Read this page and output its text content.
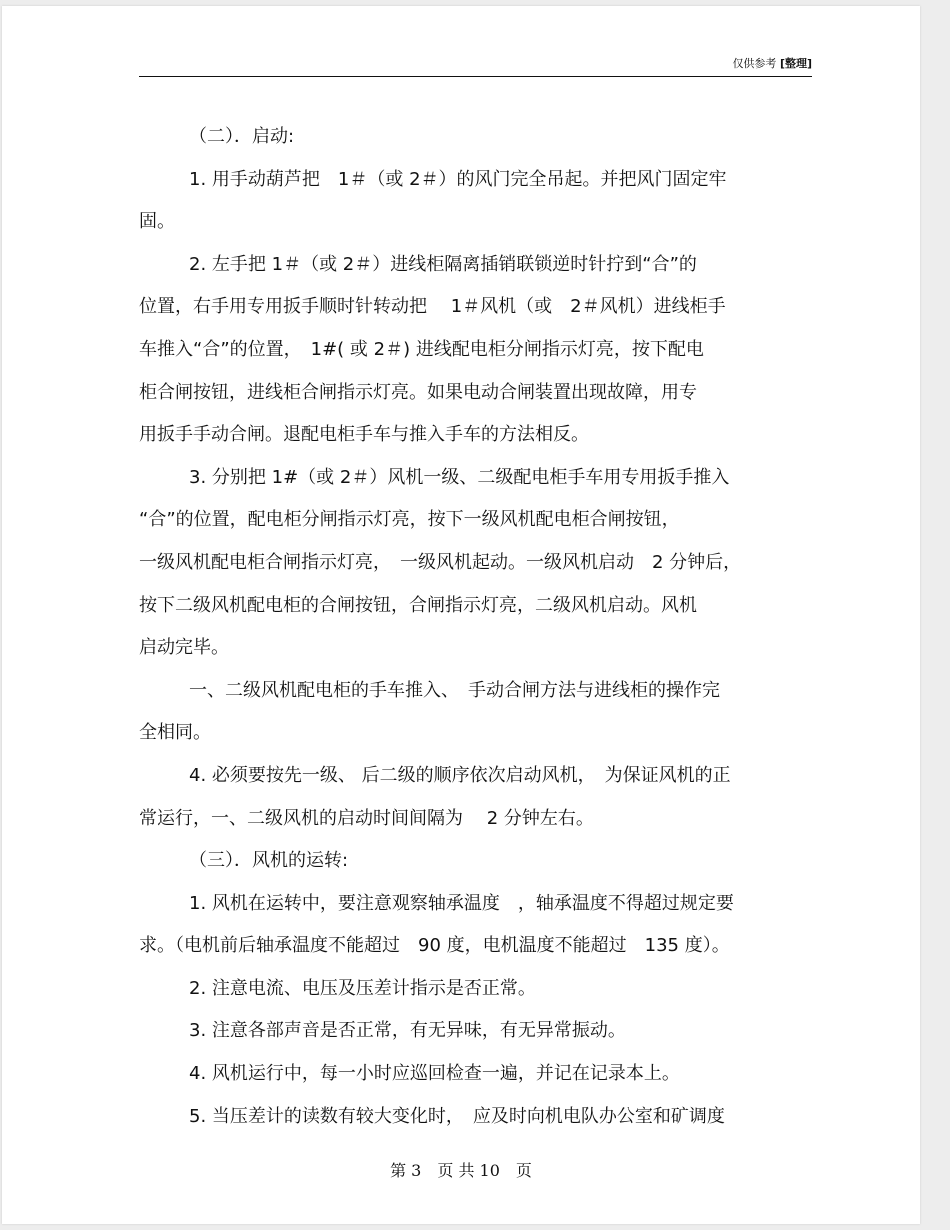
仅供参考 [整理]
（二）．启动:
1. 用手动葫芦把　1＃（或 2＃）的风门完全吊起。并把风门固定牢
固。
2. 左手把 1＃（或 2＃）进线柜隔离插销联锁逆时针拧到“合”的
位置，右手用专用扳手顺时针转动把　 1＃风机（或　2＃风机）进线柜手
车推入“合”的位置，　1#( 或 2＃) 进线配电柜分闸指示灯亮，按下配电
柜合闸按钮，进线柜合闸指示灯亮。如果电动合闸装置出现故障，用专
用扳手手动合闸。退配电柜手车与推入手车的方法相反。
3. 分别把 1#（或 2＃）风机一级、二级配电柜手车用专用扳手推入
“合”的位置，配电柜分闸指示灯亮，按下一级风机配电柜合闸按钮，
一级风机配电柜合闸指示灯亮，　一级风机起动。一级风机启动　2 分钟后，
按下二级风机配电柜的合闸按钮，合闸指示灯亮，二级风机启动。风机
启动完毕。
一、二级风机配电柜的手车推入、　手动合闸方法与进线柜的操作完
全相同。
4. 必须要按先一级、 后二级的顺序依次启动风机，　为保证风机的正
常运行，一、二级风机的启动时间间隔为　 2 分钟左右。
（三）．风机的运转:
1. 风机在运转中，要注意观察轴承温度　，轴承温度不得超过规定要
求。（电机前后轴承温度不能超过　90 度，电机温度不能超过　135 度）。
2. 注意电流、电压及压差计指示是否正常。
3. 注意各部声音是否正常，有无异味，有无异常振动。
4. 风机运行中，每一小时应巡回检查一遍，并记在记录本上。
5. 当压差计的读数有较大变化时，　应及时向机电队办公室和矿调度
第 3　页 共 10　页
